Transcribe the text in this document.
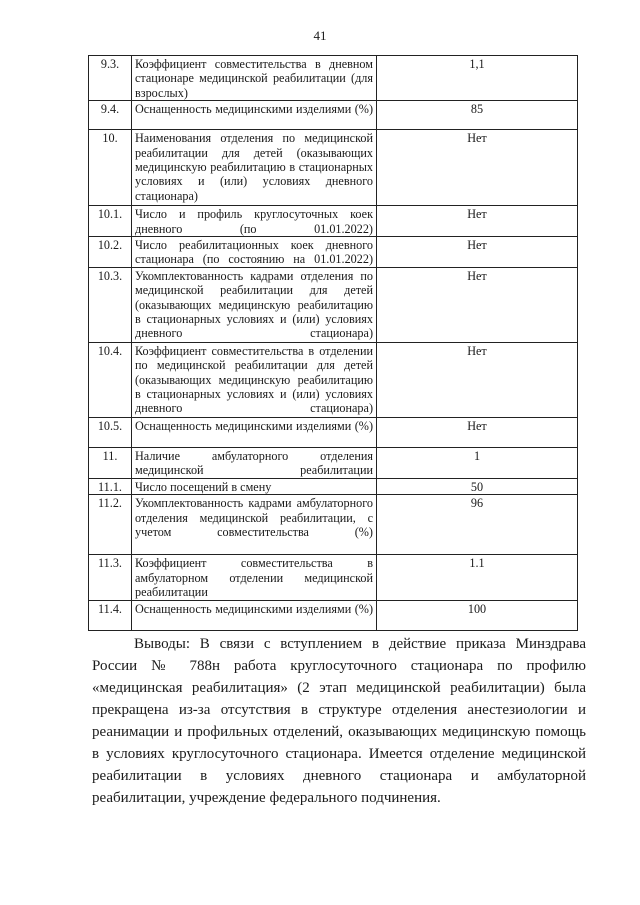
41
9.3.	Коэффициент совместительства в дневном стационаре медицинской реабилитации (для взрослых)	1,1
9.4.	Оснащенность медицинскими изделиями (%)	85
10.	Наименования отделения по медицинской реабилитации для детей (оказывающих медицинскую реабилитацию в стационарных условиях и (или) условиях дневного стационара)	Нет
10.1.	Число и профиль круглосуточных коек дневного (по 01.01.2022)	Нет
10.2.	Число реабилитационных коек дневного стационара (по состоянию на 01.01.2022)	Нет
10.3.	Укомплектованность кадрами отделения по медицинской реабилитации для детей (оказывающих медицинскую реабилитацию в стационарных условиях и (или) условиях дневного стационара)	Нет
10.4.	Коэффициент совместительства в отделении по медицинской реабилитации для детей (оказывающих медицинскую реабилитацию в стационарных условиях и (или) условиях дневного стационара)	Нет
10.5.	Оснащенность медицинскими изделиями (%)	Нет
11.	Наличие амбулаторного отделения медицинской реабилитации	1
11.1.	Число посещений в смену	50
11.2.	Укомплектованность кадрами амбулаторного отделения медицинской реабилитации, с учетом совместительства (%)	96
11.3.	Коэффициент совместительства в амбулаторном отделении медицинской реабилитации	1.1
11.4.	Оснащенность медицинскими изделиями (%)	100

Выводы: В связи с вступлением в действие приказа Минздрава России № 788н работа круглосуточного стационара по профилю «медицинская реабилитация» (2 этап медицинской реабилитации) была прекращена из-за отсутствия в структуре отделения анестезиологии и реанимации и профильных отделений, оказывающих медицинскую помощь в условиях круглосуточного стационара. Имеется отделение медицинской реабилитации в условиях дневного стационара и амбулаторной реабилитации, учреждение федерального подчинения.
